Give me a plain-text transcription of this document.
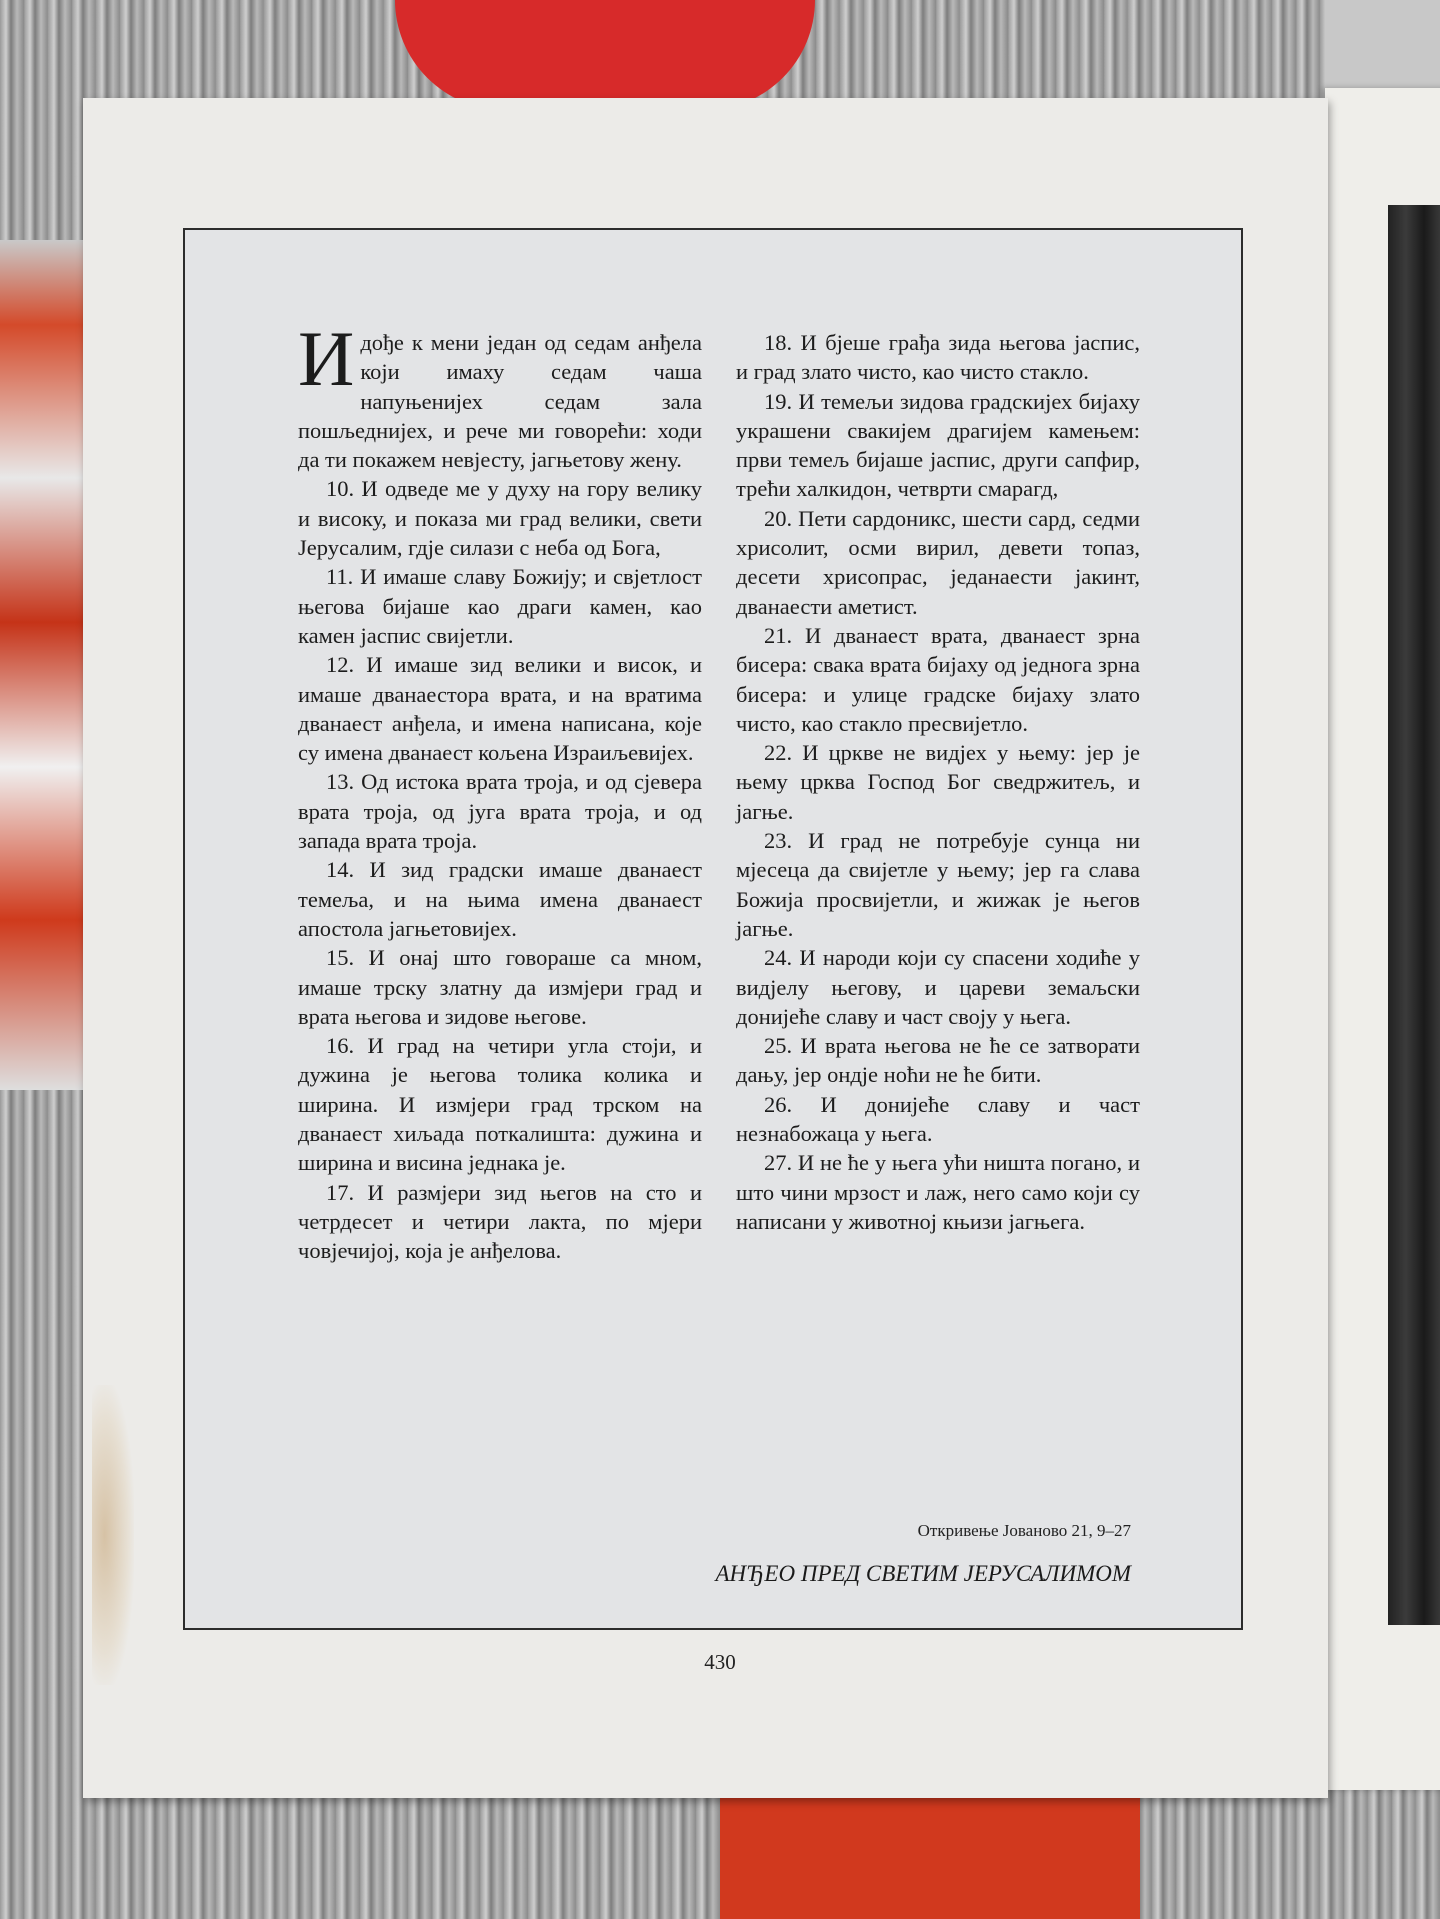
Идође к мени један од седам анђела који имаху седам чаша напуњенијех седам зала пошљеднијех, и рече ми говорећи: ходи да ти покажем невјесту, јагњетову жену.

10. И одведе ме у духу на гору велику и високу, и показа ми град велики, свети Јерусалим, гдје силази с неба од Бога,

11. И имаше славу Божију; и свјетлост његова бијаше као драги камен, као камен јаспис свијетли.

12. И имаше зид велики и висок, и имаше дванаестора врата, и на вратима дванаест анђела, и имена написана, које су имена дванаест кољена Израиљевијех.

13. Од истока врата троја, и од сјевера врата троја, од југа врата троја, и од запада врата троја.

14. И зид градски имаше дванаест темеља, и на њима имена дванаест апостола јагњетовијех.

15. И онај што говораше са мном, имаше трску златну да измјери град и врата његова и зидове његове.

16. И град на четири угла стоји, и дужина је његова толика колика и ширина. И измјери град трском на дванаест хиљада поткалишта: дужина и ширина и висина једнака је.

17. И размјери зид његов на сто и четрдесет и четири лакта, по мјери човјечијој, која је анђелова.

18. И бјеше грађа зида његова јаспис, и град злато чисто, као чисто стакло.

19. И темељи зидова градскијех бијаху украшени свакијем драгијем камењем: први темељ бијаше јаспис, други сапфир, трећи халкидон, четврти смарагд,

20. Пети сардоникс, шести сард, седми хрисолит, осми вирил, девети топаз, десети хрисопрас, једанаести јакинт, дванаести аметист.

21. И дванаест врата, дванаест зрна бисера: свака врата бијаху од једнога зрна бисера: и улице градске бијаху злато чисто, као стакло пресвијетло.

22. И цркве не видјех у њему: јер је њему црква Господ Бог сведржитељ, и јагње.

23. И град не потребује сунца ни мјесеца да свијетле у њему; јер га слава Божија просвијетли, и жижак је његов јагње.

24. И народи који су спасени ходиће у видјелу његову, и цареви земаљски донијеће славу и част своју у њега.

25. И врата његова не ће се затворати дању, јер ондје ноћи не ће бити.

26. И донијеће славу и част незнабожаца у њега.

27. И не ће у њега ући ништа погано, и што чини мрзост и лаж, него само који су написани у животној књизи јагњега.

Откривење Јованово 21, 9–27
АНЂЕО ПРЕД СВЕТИМ ЈЕРУСАЛИМОМ
430
